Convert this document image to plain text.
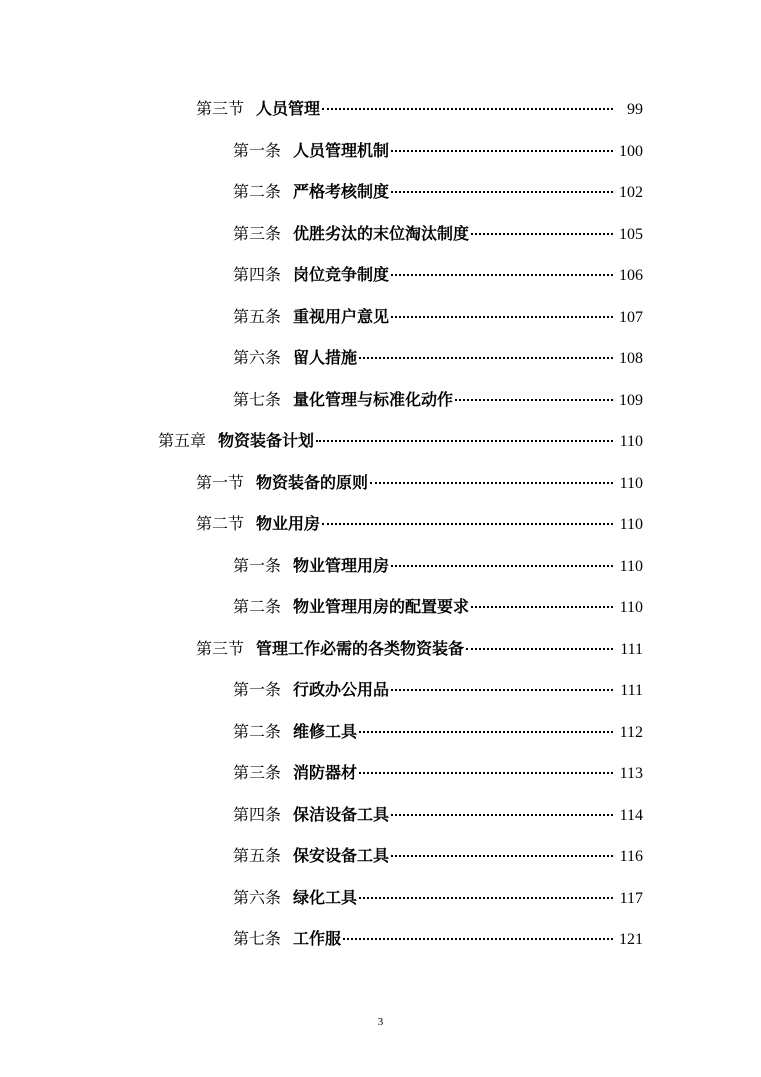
第三节 人员管理	99
第一条 人员管理机制	100
第二条 严格考核制度	102
第三条 优胜劣汰的末位淘汰制度	105
第四条 岗位竞争制度	106
第五条 重视用户意见	107
第六条 留人措施	108
第七条 量化管理与标准化动作	109
第五章 物资装备计划	110
第一节 物资装备的原则	110
第二节 物业用房	110
第一条 物业管理用房	110
第二条 物业管理用房的配置要求	110
第三节 管理工作必需的各类物资装备	111
第一条 行政办公用品	111
第二条 维修工具	112
第三条 消防器材	113
第四条 保洁设备工具	114
第五条 保安设备工具	116
第六条 绿化工具	117
第七条 工作服	121
3
